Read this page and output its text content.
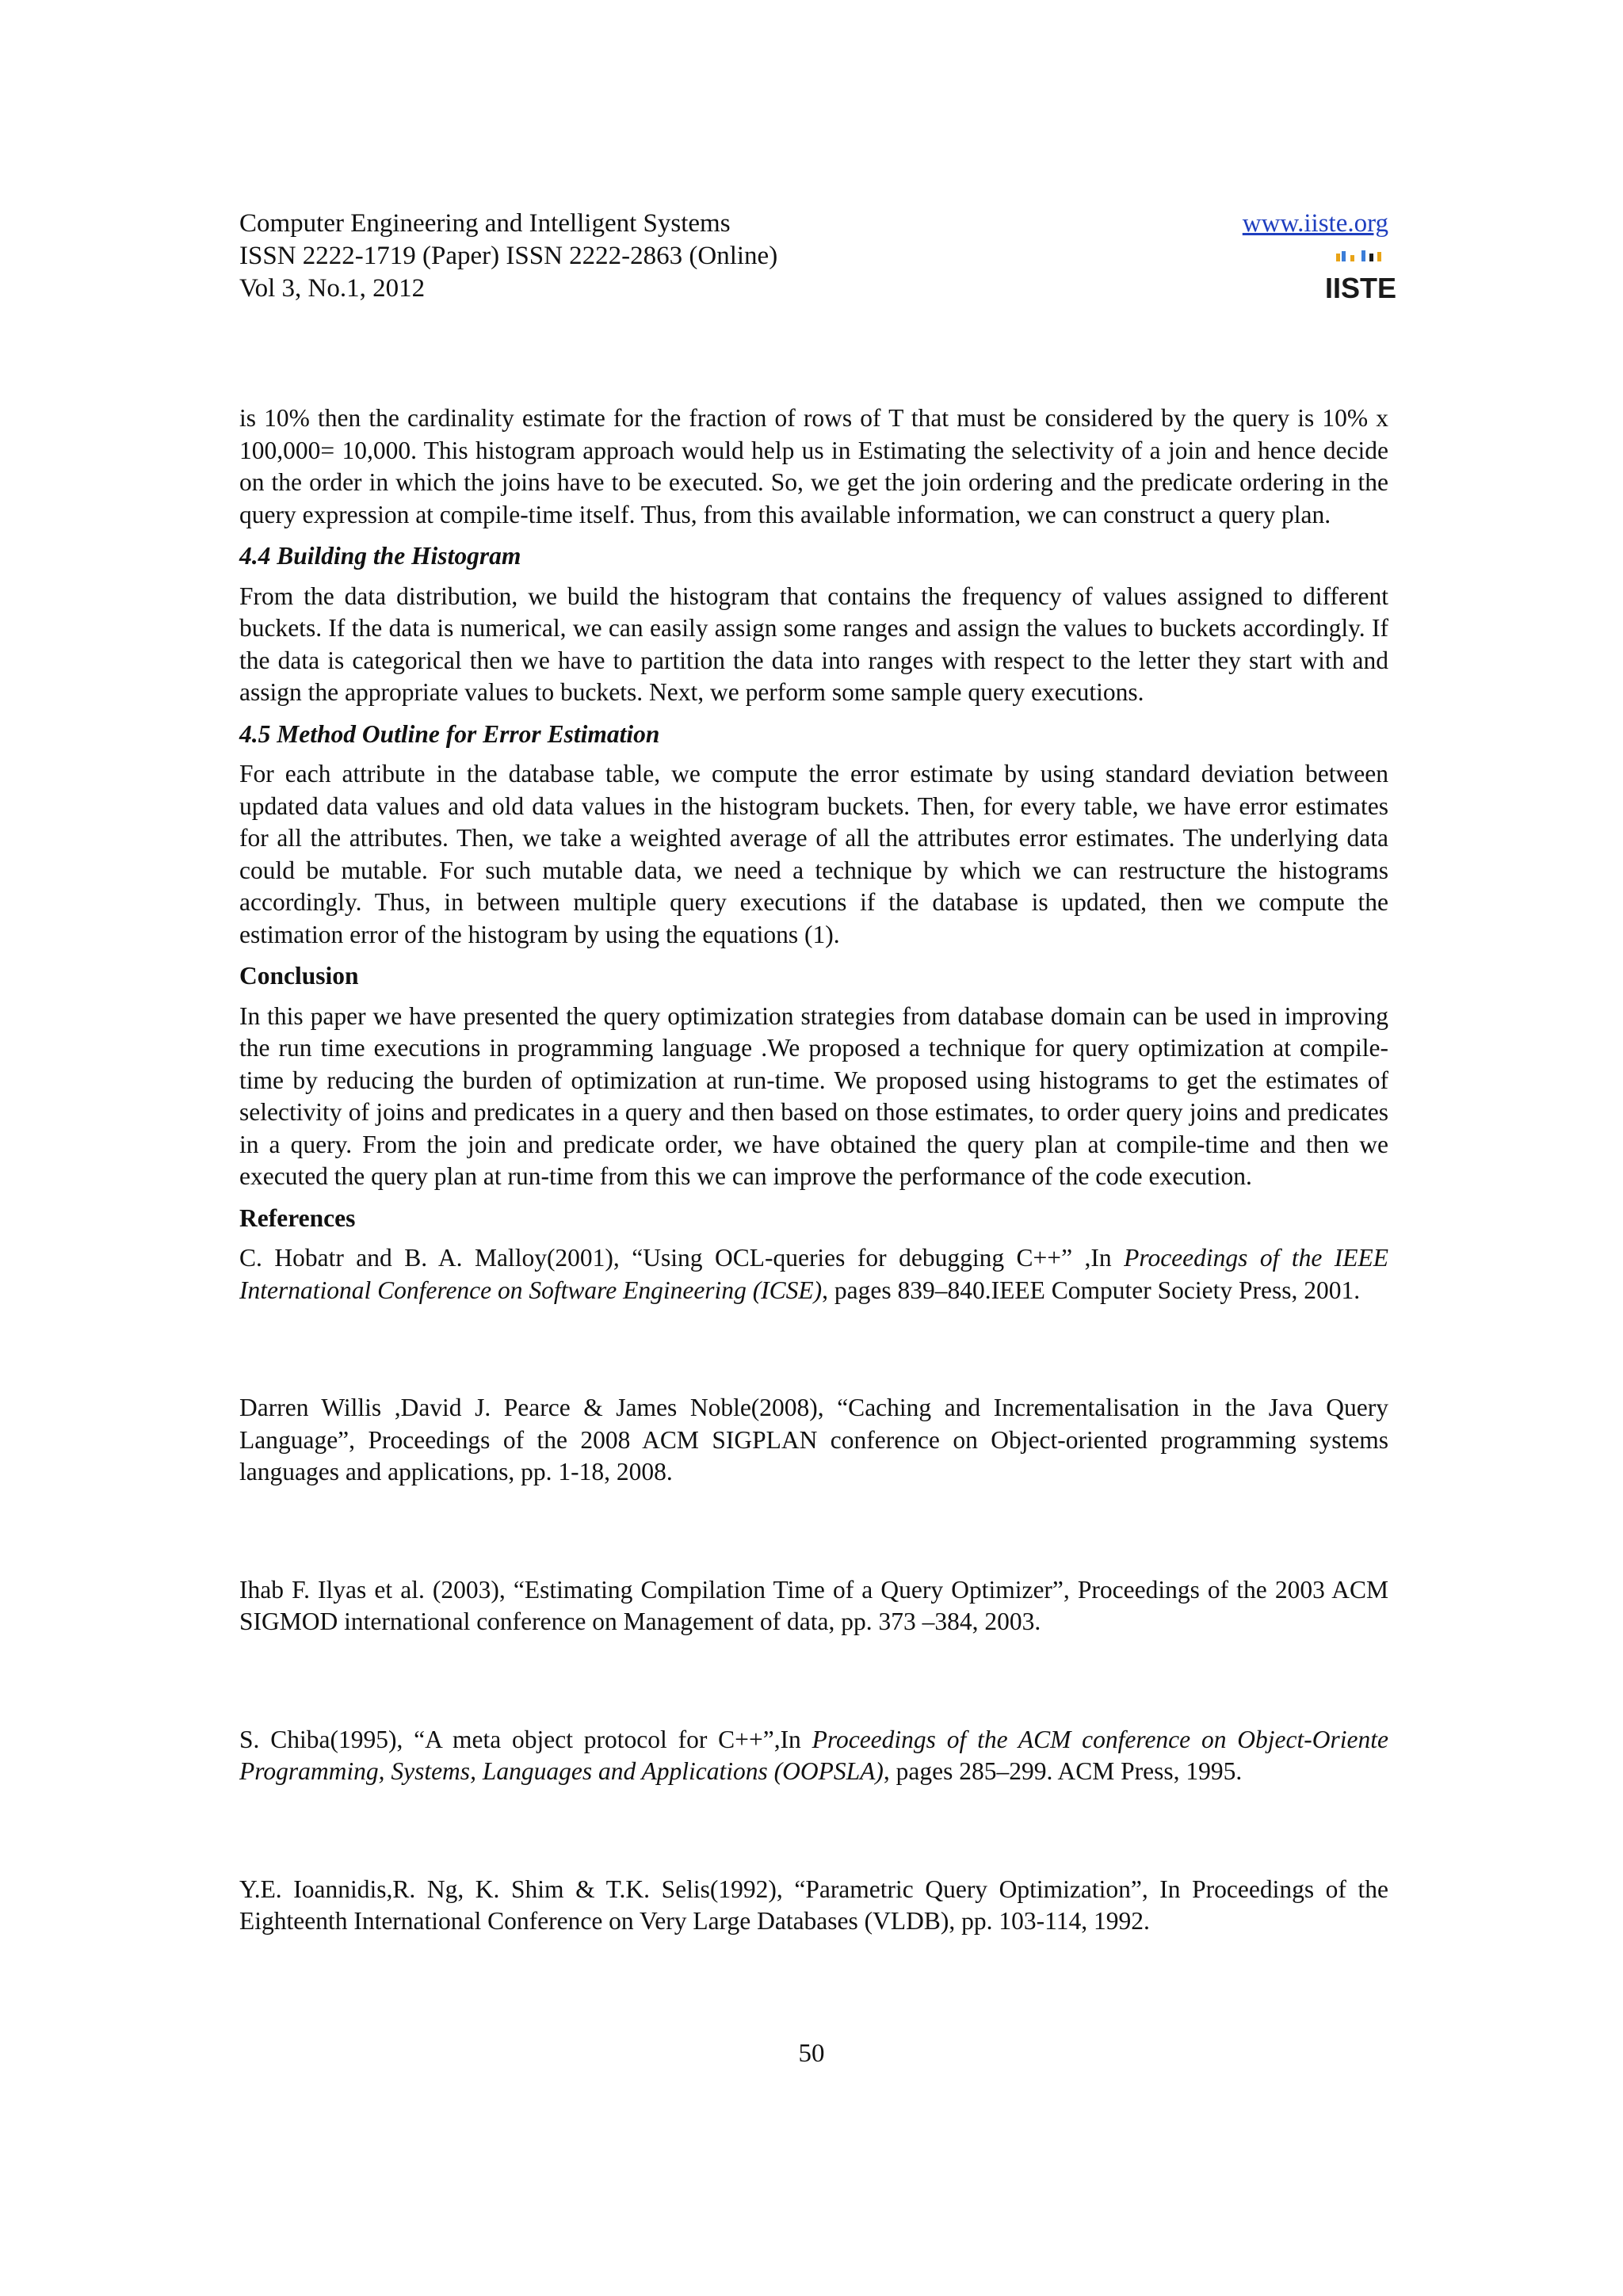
Computer Engineering and Intelligent Systems
ISSN 2222-1719 (Paper) ISSN 2222-2863 (Online)
Vol 3, No.1, 2012
www.iiste.org
IISTE

is 10% then the cardinality estimate for the fraction of rows of T that must be considered by the query is 10% x 100,000= 10,000. This histogram approach would help us in Estimating the selectivity of a join and hence decide on the order in which the joins have to be executed. So, we get the join ordering and the predicate ordering in the query expression at compile-time itself. Thus, from this available information, we can construct a query plan.

4.4 Building the Histogram

From the data distribution, we build the histogram that contains the frequency of values assigned to different buckets. If the data is numerical, we can easily assign some ranges and assign the values to buckets accordingly. If the data is categorical then we have to partition the data into ranges with respect to the letter they start with and assign the appropriate values to buckets. Next, we perform some sample query executions.

4.5 Method Outline for Error Estimation

For each attribute in the database table, we compute the error estimate by using standard deviation between updated data values and old data values in the histogram buckets. Then, for every table, we have error estimates for all the attributes. Then, we take a weighted average of all the attributes error estimates. The underlying data could be mutable. For such mutable data, we need a technique by which we can restructure the histograms accordingly. Thus, in between multiple query executions if the database is updated, then we compute the estimation error of the histogram by using the equations (1).

Conclusion

In this paper we have presented the query optimization strategies from database domain can be used in improving the run time executions in programming language .We proposed a technique for query optimization at compile-time by reducing the burden of optimization at run-time. We proposed using histograms to get the estimates of selectivity of joins and predicates in a query and then based on those estimates, to order query joins and predicates in a query. From the join and predicate order, we have obtained the query plan at compile-time and then we executed the query plan at run-time from this we can improve the performance of the code execution.

References

C. Hobatr and B. A. Malloy(2001), “Using OCL-queries for debugging C++” ,In Proceedings of the IEEE International Conference on Software Engineering (ICSE), pages 839–840.IEEE Computer Society Press, 2001.

Darren Willis ,David J. Pearce & James Noble(2008), “Caching and Incrementalisation in the Java Query Language”, Proceedings of the 2008 ACM SIGPLAN conference on Object-oriented programming systems languages and applications, pp. 1-18, 2008.

Ihab F. Ilyas et al. (2003), “Estimating Compilation Time of a Query Optimizer”, Proceedings of the 2003 ACM SIGMOD international conference on Management of data, pp. 373 –384, 2003.

S. Chiba(1995), “A meta object protocol for C++”,In Proceedings of the ACM conference on Object-Oriente Programming, Systems, Languages and Applications (OOPSLA), pages 285–299. ACM Press, 1995.

Y.E. Ioannidis,R. Ng, K. Shim & T.K. Selis(1992), “Parametric Query Optimization”, In Proceedings of the Eighteenth International Conference on Very Large Databases (VLDB), pp. 103-114, 1992.

50
